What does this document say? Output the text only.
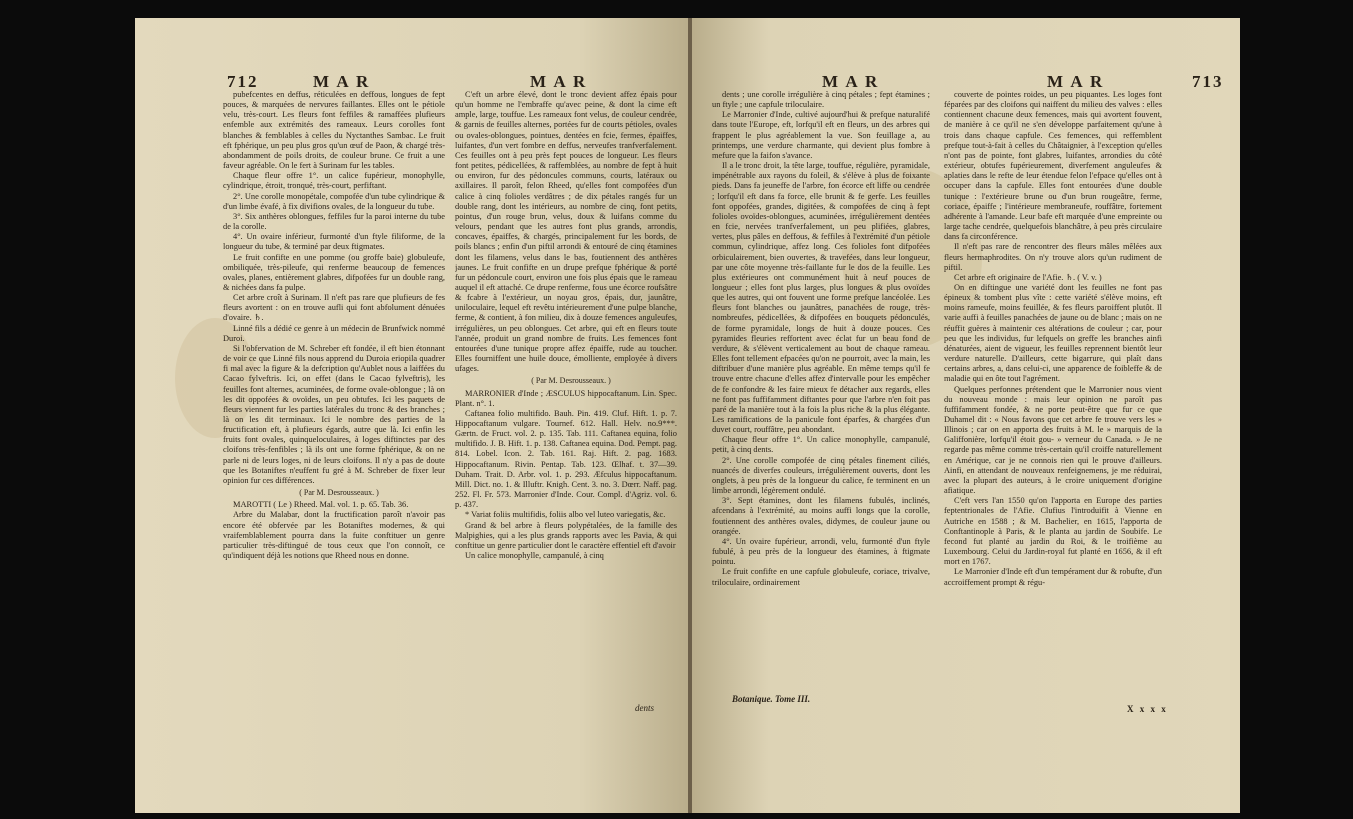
712	M A R	M A R

pubefcentes en deffus, réticulées en deffous, longues de fept pouces, & marquées de nervures faillantes. Elles ont le pétiole velu, très-court. Les fleurs font feffiles & ramaffées plufieurs enfemble aux extrémités des rameaux. Leurs corolles font blanches & femblables à celles du Nyctanthes Sambac. Le fruit eft fphérique, un peu plus gros qu'un œuf de Paon, & chargé très-abondamment de poils droits, de couleur brune. Ce fruit a une faveur agréable. On le fert à Surinam fur les tables.

Chaque fleur offre 1°. un calice fupérieur, monophylle, cylindrique, étroit, tronqué, très-court, perfiftant.

2°. Une corolle monopétale, compofée d'un tube cylindrique & d'un limbe évafé, à fix divifions ovales, de la longueur du tube.

3°. Six anthères oblongues, feffiles fur la paroi interne du tube de la corolle.

4°. Un ovaire inférieur, furmonté d'un ftyle filiforme, de la longueur du tube, & terminé par deux ftigmates.

Le fruit confifte en une pomme (ou groffe baie) globuleufe, ombiliquée, très-pileufe, qui renferme beaucoup de femences ovales, planes, entièrement glabres, difpofées fur un double rang, & nichées dans fa pulpe.

Cet arbre croît à Surinam. Il n'eft pas rare que plufieurs de fes fleurs avortent : on en trouve aufli qui font abfolument dénuées d'ovaire. ♄.

Linné fils a dédié ce genre à un médecin de Brunfwick nommé Duroi.

Si l'obfervation de M. Schreber eft fondée, il eft bien étonnant de voir ce que Linné fils nous apprend du Duroia eriopila quadrer fi mal avec la figure & la defcription qu'Aublet nous a laiffées du Cacao fylveftris. Ici, on effet (dans le Cacao fylveftris), les feuilles font alternes, acuminées, de forme ovale-oblongue ; là on les dit oppofées & ovoïdes, un peu obtufes. Ici les paquets de fleurs viennent fur les parties latérales du tronc & des branches ; là on les dit terminaux. Ici le nombre des parties de la fructification eft, à plufieurs égards, autre que là. Ici enfin les fruits font ovales, quinqueloculaires, à loges diftinctes par des cloifons très-fenfibles ; là ils ont une forme fphérique, & on ne parle ni de leurs loges, ni de leurs cloifons. Il n'y a pas de doute que les Botaniftes n'euffent fu gré à M. Schreber de fixer leur opinion fur ces différences.

( Par M. Desrousseaux. )

MAROTTI ( Le ) Rheed. Mal. vol. 1. p. 65. Tab. 36.

Arbre du Malabar, dont la fructification paroît n'avoir pas encore été obfervée par les Botaniftes modernes, & qui vraifemblablement pourra dans la fuite conftituer un genre particulier très-diftingué de tous ceux que l'on connoît, ce qu'indiquent déjà les notions que Rheed nous en donne.

C'eft un arbre élevé, dont le tronc devient affez épais pour qu'un homme ne l'embraffe qu'avec peine, & dont la cime eft ample, large, touffue. Les rameaux font velus, de couleur cendrée, & garnis de feuilles alternes, portées fur de courts pétioles, ovales ou ovales-oblongues, pointues, dentées en fcie, fermes, épaiffes, luifantes, d'un vert fombre en deffus, nerveufes tranfverfalement. Ces feuilles ont à peu près fept pouces de longueur. Les fleurs font petites, pédicellées, & raffemblées, au nombre de fept à huit ou environ, fur des pédoncules communs, courts, latéraux ou axillaires. Il paroît, felon Rheed, qu'elles font compofées d'un calice à cinq folioles verdâtres ; de dix pétales rangés fur un double rang, dont les intérieurs, au nombre de cinq, font petits, pointus, d'un rouge brun, velus, doux & luifans comme du velours, pendant que les autres font plus grands, arrondis, concaves, épaiffes, & chargés, principalement fur les bords, de poils blancs ; enfin d'un piftil arrondi & entouré de cinq étamines dont les filamens, velus dans le bas, foutiennent des anthères jaunes. Le fruit confifte en un drupe prefque fphérique & porté fur un pédoncule court, environ une fois plus épais que le rameau auquel il eft attaché. Ce drupe renferme, fous une écorce roufsâtre & fcabre à l'extérieur, un noyau gros, épais, dur, jaunâtre, uniloculaire, lequel eft revêtu intérieurement d'une pulpe blanche, ferme, & contient, à fon milieu, dix à douze femences anguleufes, irrégulières, un peu oblongues. Cet arbre, qui eft en fleurs toute l'année, produit un grand nombre de fruits. Les femences font entourées d'une tunique propre affez épaiffe, rude au toucher. Elles fourniffent une huile douce, émolliente, employée à divers ufages.

( Par M. Desrousseaux. )

MARRONIER d'Inde ; ÆSCULUS hippocaftanum. Lin. Spec. Plant. n°. 1.

Caftanea folio multifido. Bauh. Pin. 419. Cluf. Hift. 1. p. 7. Hippocaftanum vulgare. Tournef. 612. Hall. Helv. no.9***. Gærtn. de Fruct. vol. 2. p. 135. Tab. 111. Caftanea equina, folio multifido. J. B. Hift. 1. p. 138. Caftanea equina. Dod. Pempt. pag. 814. Lobel. Icon. 2. Tab. 161. Raj. Hift. 2. pag. 1683. Hippocaftanum. Rivin. Pentap. Tab. 123. Œlhaf. t. 37—39. Duham. Trait. D. Arbr. vol. 1. p. 293. Æfculus hippocaftanum. Mill. Dict. no. 1. & Illuftr. Knigh. Cent. 3. no. 3. Dœrr. Naff. pag. 252. Fl. Fr. 573. Marronier d'Inde. Cour. Compl. d'Agriz. vol. 6. p. 437.

* Variat foliis multifidis, foliis albo vel luteo variegatis, &c.

Grand & bel arbre à fleurs polypétalées, de la famille des Malpighies, qui a les plus grands rapports avec les Pavia, & qui conftitue un genre particulier dont le caractère effentiel eft d'avoir

Un calice monophylle, campanulé, à cinq

dents
M A R	M A R	713

dents ; une corolle irrégulière à cinq pétales ; fept étamines ; un ftyle ; une capfule triloculaire.

Le Marronier d'Inde, cultivé aujourd'hui & prefque naturalifé dans toute l'Europe, eft, lorfqu'il eft en fleurs, un des arbres qui frappent le plus agréablement la vue. Son feuillage a, au printemps, une verdure charmante, qui devient plus fombre à mefure que la faifon s'avance.

Il a le tronc droit, la tête large, touffue, régulière, pyramidale, impénétrable aux rayons du foleil, & s'élève à plus de foixante pieds. Dans fa jeuneffe de l'arbre, fon écorce eft liffe ou cendrée ; lorfqu'il eft dans fa force, elle brunit & fe gerfe. Les feuilles font oppofées, grandes, digitées, & compofées de cinq à fept folioles ovoïdes-oblongues, acuminées, irrégulièrement dentées en fcie, nervées tranfverfalement, un peu plifiées, glabres, vertes, plus pâles en deffous, & feffiles à l'extrémité d'un pétiole commun, cylindrique, affez long. Ces folioles font difpofées orbiculairement, bien ouvertes, & travefées, dans leur longueur, par une côte moyenne très-faillante fur le dos de la feuille. Les plus extérieures ont communément huit à neuf pouces de longueur ; elles font plus larges, plus longues & plus ovoïdes que les autres, qui ont fouvent une forme prefque lancéolée. Les fleurs font blanches ou jaunâtres, panachées de rouge, très-nombreufes, pédicellées, & difpofées en bouquets pédonculés, de forme pyramidale, longs de huit à douze pouces. Ces pyramides fleuries reffortent avec éclat fur un beau fond de verdure, & s'élèvent verticalement au bout de chaque rameau. Elles font tellement efpacées qu'on ne pourroit, avec la main, les diftribuer d'une manière plus agréable. En même temps qu'il fe trouve entre chacune d'elles affez d'intervalle pour les empêcher de fe confondre & les faire mieux fe détacher aux regards, elles ne font pas fuffifamment diftantes pour que l'arbre n'en foit pas paré de la manière tout à la fois la plus riche & la plus élégante. Les ramifications de la panicule font éparfes, & chargées d'un duvet court, rouffâtre, peu abondant.

Chaque fleur offre 1°. Un calice monophylle, campanulé, petit, à cinq dents.

2°. Une corolle compofée de cinq pétales finement ciliés, nuancés de diverfes couleurs, irrégulièrement ouverts, dont les onglets, à peu près de la longueur du calice, fe terminent en un limbe arrondi, légèrement ondulé.

3°. Sept étamines, dont les filamens fubulés, inclinés, afcendans à l'extrémité, au moins auffi longs que la corolle, foutiennent des anthères ovales, didymes, de couleur jaune ou orangée.

4°. Un ovaire fupérieur, arrondi, velu, furmonté d'un ftyle fubulé, à peu près de la longueur des étamines, à ftigmate pointu.

Le fruit confifte en une capfule globuleufe, coriace, trivalve, triloculaire, ordinairement

Botanique. Tome III.

couverte de pointes roides, un peu piquantes. Les loges font féparées par des cloifons qui naiffent du milieu des valves : elles contiennent chacune deux femences, mais qui avortent fouvent, de manière à ce qu'il ne s'en développe parfaitement qu'une à trois dans chaque capfule. Ces femences, qui reffemblent prefque tout-à-fait à celles du Châtaignier, à l'exception qu'elles n'ont pas de pointe, font glabres, luifantes, arrondies du côté extérieur, obtufes fupérieurement, diverfement anguleufes & aplaties dans le refte de leur étendue felon l'efpace qu'elles ont à occuper dans la capfule. Elles font entourées d'une double tunique : l'extérieure brune ou d'un brun rougeâtre, ferme, coriace, épaiffe ; l'intérieure membraneufe, rouffâtre, fortement adhérente à l'amande. Leur bafe eft marquée d'une empreinte ou large tache cendrée, quelquefois blanchâtre, à peu près circulaire dans fa circonférence.

Il n'eft pas rare de rencontrer des fleurs mâles mêlées aux fleurs hermaphrodites. On n'y trouve alors qu'un rudiment de piftil.

Cet arbre eft originaire de l'Afie. ♄. ( V. v. )

On en diftingue une variété dont les feuilles ne font pas épineux & tombent plus vîte : cette variété s'élève moins, eft moins rameufe, moins feuillée, & fes fleurs paroiffent plutôt. Il varie auffi à feuilles panachées de jaune ou de blanc ; mais on ne réuffit guères à maintenir ces altérations de couleur ; car, pour peu que les individus, fur lefquels on greffe les branches ainfi dénaturées, aient de vigueur, les feuilles reprennent bientôt leur verdure naturelle. D'ailleurs, cette bigarrure, qui plaît dans certains arbres, a, dans celui-ci, une apparence de foibleffe & de maladie qui en ôte tout l'agrément.

Quelques perfonnes prétendent que le Marronier nous vient du nouveau monde : mais leur opinion ne paroît pas fuffifamment fondée, & ne porte peut-être que fur ce que Duhamel dit : « Nous favons que cet arbre fe trouve vers les » Illinois ; car on en apporta des fruits à M. le » marquis de la Galiffonière, lorfqu'il étoit gou- » verneur du Canada. » Je ne regarde pas même comme très-certain qu'il croiffe naturellement en Amérique, car je ne connois rien qui le prouve d'ailleurs. Ainfi, en attendant de nouveaux renfeignemens, je me réduirai, avec la plupart des auteurs, à le croire uniquement d'origine afiatique.

C'eft vers l'an 1550 qu'on l'apporta en Europe des parties feptentrionales de l'Afie. Clufius l'introduifit à Vienne en Autriche en 1588 ; & M. Bachelier, en 1615, l'apporta de Conftantinople à Paris, & le planta au jardin de Soubife. Le fecond fut planté au jardin du Roi, & le troifième au Luxembourg. Celui du Jardin-royal fut planté en 1656, & il eft mort en 1767.

Le Marronier d'Inde eft d'un tempérament dur & robufte, d'un accroiffement prompt & régu-

X x x x
